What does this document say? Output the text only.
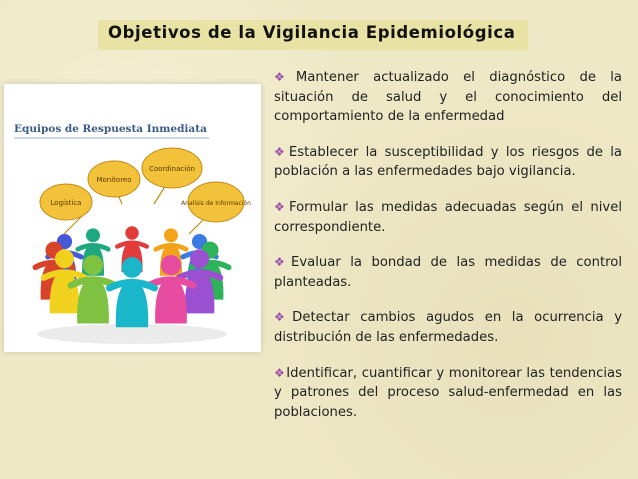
Objetivos de la Vigilancia Epidemiológica
Equipos de Respuesta Inmediata
Monitoreo
Coordinación
Logística	Analisis de Información

❖Mantener actualizado el diagnóstico de la situación de salud y el conocimiento del comportamiento de la enfermedad

❖Establecer la susceptibilidad y los riesgos de la población a las enfermedades bajo vigilancia.

❖Formular las medidas adecuadas según el nivel correspondiente.

❖Evaluar la bondad de las medidas de control planteadas.

❖Detectar cambios agudos en la ocurrencia y distribución de las enfermedades.

❖Identificar, cuantificar y monitorear las tendencias y patrones del proceso salud-enfermedad en las poblaciones.
